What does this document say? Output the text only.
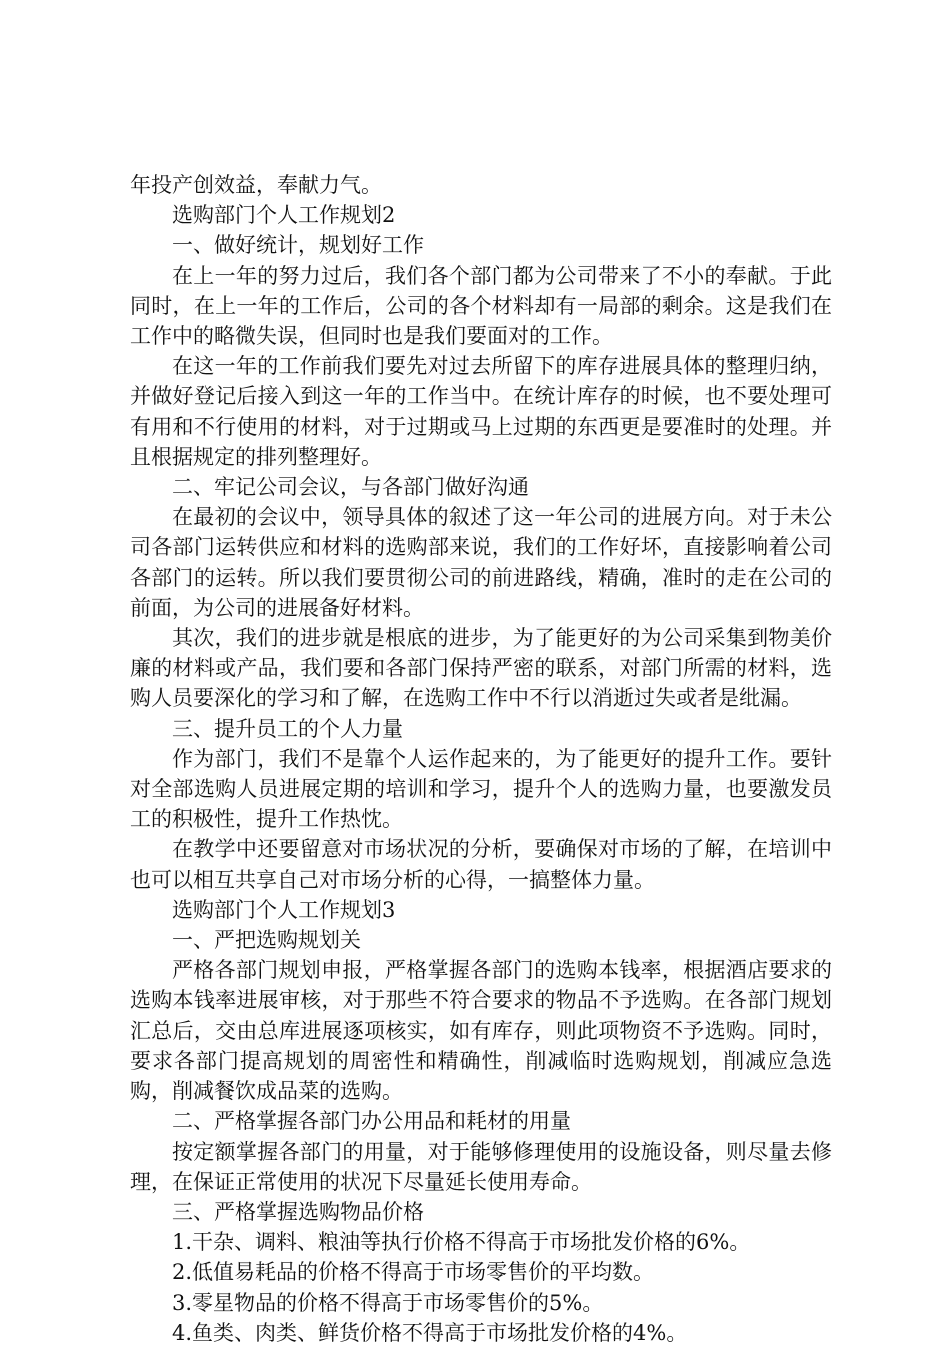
年投产创效益，奉献力气。

选购部门个人工作规划2

一、做好统计，规划好工作

在上一年的努力过后，我们各个部门都为公司带来了不小的奉献。于此同时，在上一年的工作后，公司的各个材料却有一局部的剩余。这是我们在工作中的略微失误，但同时也是我们要面对的工作。

在这一年的工作前我们要先对过去所留下的库存进展具体的整理归纳，并做好登记后接入到这一年的工作当中。在统计库存的时候，也不要处理可有用和不行使用的材料，对于过期或马上过期的东西更是要准时的处理。并且根据规定的排列整理好。

二、牢记公司会议，与各部门做好沟通

在最初的会议中，领导具体的叙述了这一年公司的进展方向。对于未公司各部门运转供应和材料的选购部来说，我们的工作好坏，直接影响着公司各部门的运转。所以我们要贯彻公司的前进路线，精确，准时的走在公司的前面，为公司的进展备好材料。

其次，我们的进步就是根底的进步，为了能更好的为公司采集到物美价廉的材料或产品，我们要和各部门保持严密的联系，对部门所需的材料，选购人员要深化的学习和了解，在选购工作中不行以消逝过失或者是纰漏。

三、提升员工的个人力量

作为部门，我们不是靠个人运作起来的，为了能更好的提升工作。要针对全部选购人员进展定期的培训和学习，提升个人的选购力量，也要激发员工的积极性，提升工作热忱。

在教学中还要留意对市场状况的分析，要确保对市场的了解，在培训中也可以相互共享自己对市场分析的心得，一搞整体力量。

选购部门个人工作规划3

一、严把选购规划关

严格各部门规划申报，严格掌握各部门的选购本钱率，根据酒店要求的选购本钱率进展审核，对于那些不符合要求的物品不予选购。在各部门规划汇总后，交由总库进展逐项核实，如有库存，则此项物资不予选购。同时，要求各部门提高规划的周密性和精确性，削减临时选购规划，削减应急选购，削减餐饮成品菜的选购。

二、严格掌握各部门办公用品和耗材的用量

按定额掌握各部门的用量，对于能够修理使用的设施设备，则尽量去修理，在保证正常使用的状况下尽量延长使用寿命。

三、严格掌握选购物品价格

1.干杂、调料、粮油等执行价格不得高于市场批发价格的6%。

2.低值易耗品的价格不得高于市场零售价的平均数。

3.零星物品的价格不得高于市场零售价的5%。

4.鱼类、肉类、鲜货价格不得高于市场批发价格的4%。
